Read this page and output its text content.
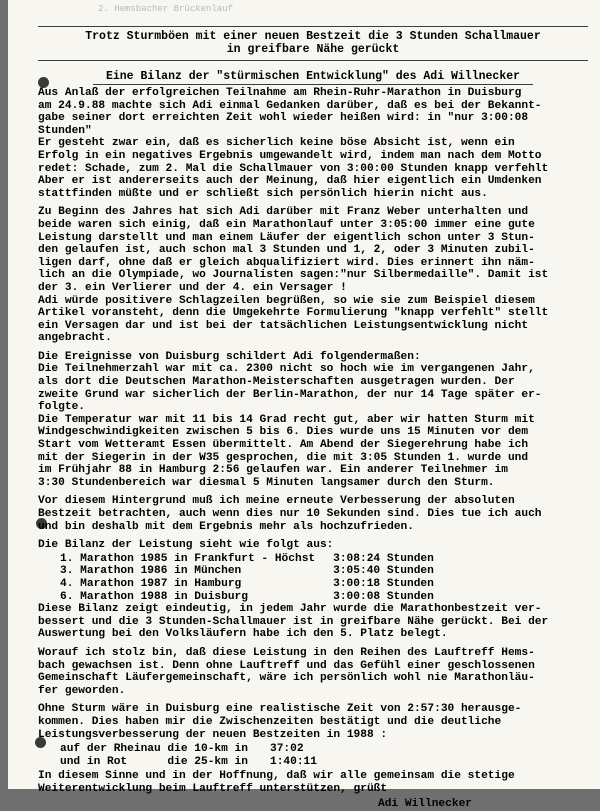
2. Hemsbacher Brückenlauf
Trotz Sturmböen mit einer neuen Bestzeit die 3 Stunden Schallmauer
in greifbare Nähe gerückt
Eine Bilanz der "stürmischen Entwicklung" des Adi Willnecker

Aus Anlaß der erfolgreichen Teilnahme am Rhein-Ruhr-Marathon in Duisburg
am 24.9.88 machte sich Adi einmal Gedanken darüber, daß es bei der Bekannt-
gabe seiner dort erreichten Zeit wohl wieder heißen wird: in "nur 3:00:08
Stunden"

Er gesteht zwar ein, daß es sicherlich keine böse Absicht ist, wenn ein
Erfolg in ein negatives Ergebnis umgewandelt wird, indem man nach dem Motto
redet: Schade, zum 2. Mal die Schallmauer von 3:00:00 Stunden knapp verfehlt
Aber er ist andererseits auch der Meinung, daß hier eigentlich ein Umdenken
stattfinden müßte und er schließt sich persönlich hierin nicht aus.

Zu Beginn des Jahres hat sich Adi darüber mit Franz Weber unterhalten und
beide waren sich einig, daß ein Marathonlauf unter 3:05:00 immer eine gute
Leistung darstellt und man einem Läufer der eigentlich schon unter 3 Stun-
den gelaufen ist, auch schon mal 3 Stunden und 1, 2, oder 3 Minuten zubil-
ligen darf, ohne daß er gleich abqualifiziert wird. Dies erinnert ihn näm-
lich an die Olympiade, wo Journalisten sagen:"nur Silbermedaille". Damit ist
der 3. ein Verlierer und der 4. ein Versager !

Adi würde positivere Schlagzeilen begrüßen, so wie sie zum Beispiel diesem
Artikel voransteht, denn die Umgekehrte Formulierung "knapp verfehlt" stellt
ein Versagen dar und ist bei der tatsächlichen Leistungsentwicklung nicht
angebracht.

Die Ereignisse von Duisburg schildert Adi folgendermaßen:

Die Teilnehmerzahl war mit ca. 2300 nicht so hoch wie im vergangenen Jahr,
als dort die Deutschen Marathon-Meisterschaften ausgetragen wurden. Der
zweite Grund war sicherlich der Berlin-Marathon, der nur 14 Tage später er-
folgte.

Die Temperatur war mit 11 bis 14 Grad recht gut, aber wir hatten Sturm mit
Windgeschwindigkeiten zwischen 5 bis 6. Dies wurde uns 15 Minuten vor dem
Start vom Wetteramt Essen übermittelt. Am Abend der Siegerehrung habe ich
mit der Siegerin in der W35 gesprochen, die mit 3:05 Stunden 1. wurde und
im Frühjahr 88 in Hamburg 2:56 gelaufen war. Ein anderer Teilnehmer im
3:30 Stundenbereich war diesmal 5 Minuten langsamer durch den Sturm.

Vor diesem Hintergrund muß ich meine erneute Verbesserung der absoluten
Bestzeit betrachten, auch wenn dies nur 10 Sekunden sind. Dies tue ich auch
und bin deshalb mit dem Ergebnis mehr als hochzufrieden.

Die Bilanz der Leistung sieht wie folgt aus:

1. Marathon 1985 in Frankfurt - Höchst	3:08:24 Stunden
3. Marathon 1986 in München	3:05:40 Stunden
4. Marathon 1987 in Hamburg	3:00:18 Stunden
6. Marathon 1988 in Duisburg	3:00:08 Stunden

Diese Bilanz zeigt eindeutig, in jedem Jahr wurde die Marathonbestzeit ver-
bessert und die 3 Stunden-Schallmauer ist in greifbare Nähe gerückt. Bei der
Auswertung bei den Volksläufern habe ich den 5. Platz belegt.

Worauf ich stolz bin, daß diese Leistung in den Reihen des Lauftreff Hems-
bach gewachsen ist. Denn ohne Lauftreff und das Gefühl einer geschlossenen
Gemeinschaft Läufergemeinschaft, wäre ich persönlich wohl nie Marathonläu-
fer geworden.

Ohne Sturm wäre in Duisburg eine realistische Zeit von 2:57:30 herausge-
kommen. Dies haben mir die Zwischenzeiten bestätigt und die deutliche
Leistungsverbesserung der neuen Bestzeiten in 1988 :

auf der Rheinau die 10-km in	37:02
und in Rot      die 25-km in	1:40:11

In diesem Sinne und in der Hoffnung, daß wir alle gemeinsam die stetige
Weiterentwicklung beim Lauftreff unterstützen, grüßt

Adi Willnecker
